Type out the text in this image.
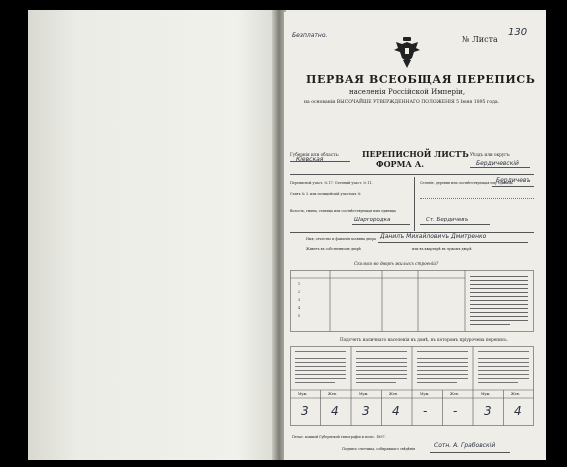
Безплатно.	№ Листа
130
ПЕРВАЯ ВСЕОБЩАЯ ПЕРЕПИСЬ
населенія Россійской Имперіи,
на основаніи ВЫСОЧАЙШЕ УТВЕРЖДЕННАГО ПОЛОЖЕНІЯ 5 Іюня 1895 года.
Губернія или область:
Кіевская
ПЕРЕПИСНОЙ ЛИСТЪ
ФОРМА А.
Уѣздъ или округъ:
Бердичевскій
Переписной участ. № 17. Счетный участ. № 11.
Станъ № 3. или полицейскій участокъ №
Волость, гмина, станица или соотвѣтствующая имъ единица
Шаргородка
Селеніе, деревня или соотвѣтствующая ему единица
Бердичевъ
Ст. Бердичевъ
Имя, отчество и фамилія хозяина двора Данилъ Михайловичъ Дмитренко
Живетъ въ собственномъ дворѣ	или въ квартирѣ въ чужомъ дворѣ
Сколько во дворѣ жилыхъ строеній?
1
2
3
4
5
Подсчетъ наличнаго населенія въ домѣ, въ которомъ пріурочена перепись.
Муж.	Жен.	Муж.	Жен.	Муж.	Жен.	Муж.	Жен.
3 4 3 4 - - 3 4
Печат. кошкой Губернской типографіи и поліс. 1897.
Подпись счетчика, собиравшаго свѣдѣнія	Сотн. А. Грабовскій
